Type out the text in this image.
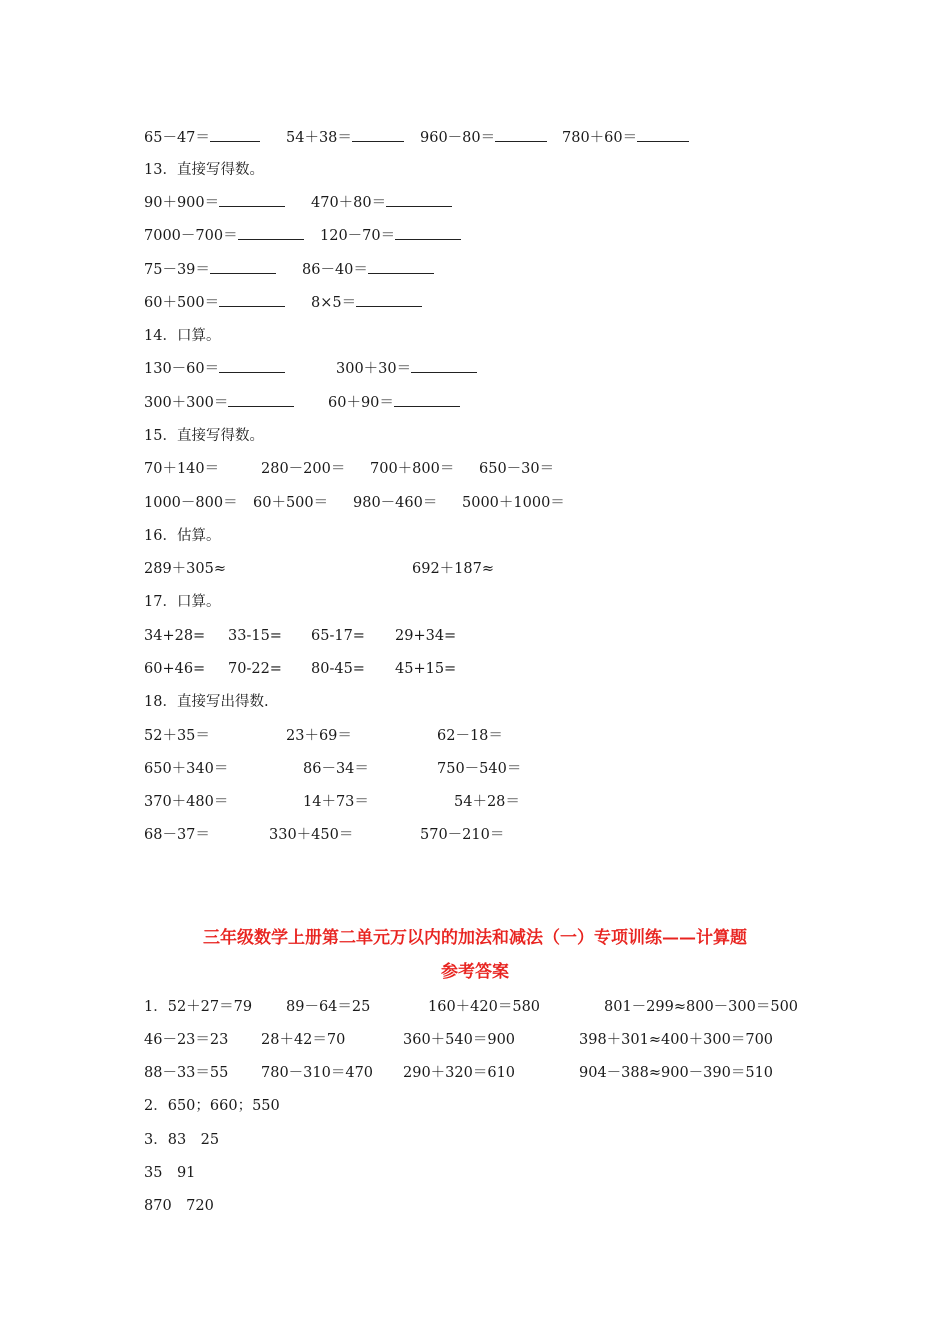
65－47＝	54＋38＝	960－80＝	780＋60＝
13．直接写得数。
90＋900＝	470＋80＝
7000－700＝	120－70＝
75－39＝	86－40＝
60＋500＝	8×5＝
14．口算。
130－60＝	300＋30＝
300＋300＝	60＋90＝
15．直接写得数。
70＋140＝	280－200＝ 700＋800＝ 650－30＝
1000－800＝ 60＋500＝ 980－460＝ 5000＋1000＝
16．估算。
289＋305≈	692＋187≈
17．口算。
34+28= 33-15= 65-17= 29+34=
60+46= 70-22= 80-45= 45+15=
18．直接写出得数.
52＋35＝	23＋69＝	62－18＝
650＋340＝	86－34＝	750－540＝
370＋480＝	14＋73＝	54＋28＝
68－37＝	330＋450＝	570－210＝
三年级数学上册第二单元万以内的加法和减法（一）专项训练——计算题
参考答案
1．52＋27＝79 89－64＝25	160＋420＝580	801－299≈800－300＝500
46－23＝23 28＋42＝70	360＋540＝900	398＋301≈400＋300＝700
88－33＝55 780－310＝470 290＋320＝610	904－388≈900－390＝510
2．650；660；550
3．83　25
35　91
870　720
